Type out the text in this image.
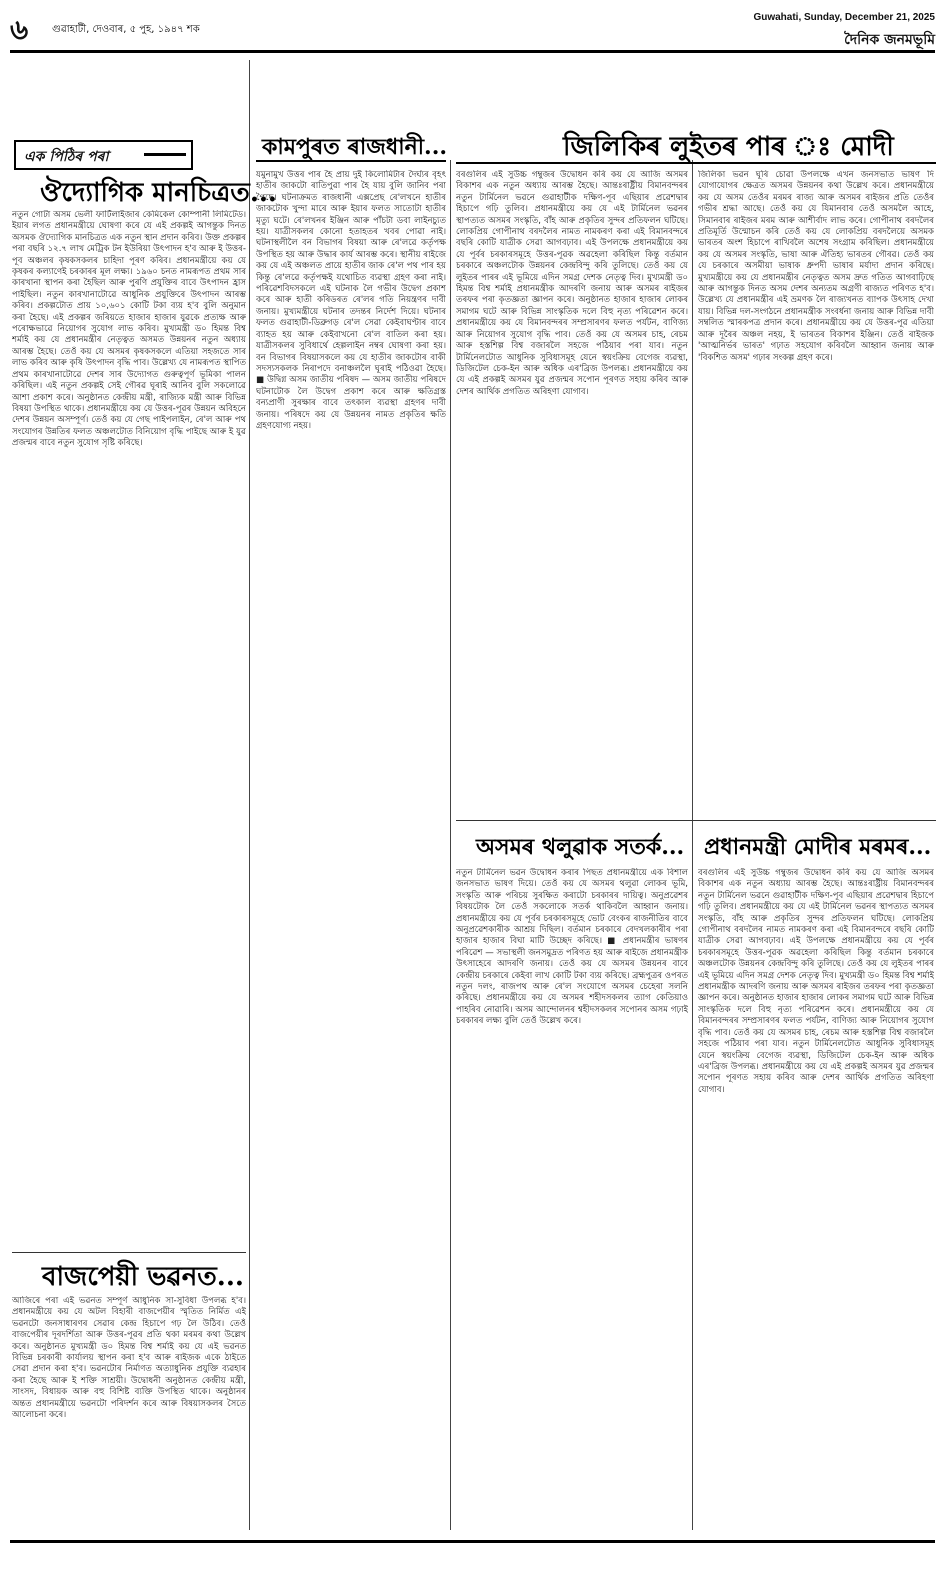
৬	গুৱাহাটী, দেওবাৰ, ৫ পুহ, ১৯৪৭ শক
Guwahati, Sunday, December 21, 2025
দৈনিক জনমভূমি
এক পিঠিৰ পৰা
ঔদ্যোগিক মানচিত্ৰত...
নতুন গোটা অসম ভেলী ফাৰ্টিলাইজাৰ কেমিকেল কোম্পানী লিমিটেড। ইয়াৰ লগত প্ৰধানমন্ত্ৰীয়ে ঘোষণা কৰে যে এই প্ৰকল্পই আগন্তুক দিনত অসমক ঔদ্যোগিক মানচিত্ৰত এক নতুন স্থান প্ৰদান কৰিব। উক্ত প্ৰকল্পৰ পৰা বছৰি ১২.৭ লাখ মেট্ৰিক টন ইউৰিয়া উৎপাদন হ'ব আৰু ই উত্তৰ-পূব অঞ্চলৰ কৃষকসকলৰ চাহিদা পূৰণ কৰিব। প্ৰধানমন্ত্ৰীয়ে কয় যে কৃষকৰ কল্যাণেই চৰকাৰৰ মূল লক্ষ্য। ১৯৬০ চনত নামৰূপত প্ৰথম সাৰ কাৰখানা স্থাপন কৰা হৈছিল আৰু পুৰণি প্ৰযুক্তিৰ বাবে উৎপাদন হ্ৰাস পাইছিল। নতুন কাৰখানাটোৱে আধুনিক প্ৰযুক্তিৰে উৎপাদন আৰম্ভ কৰিব। প্ৰকল্পটোত প্ৰায় ১০,৬০১ কোটি টকা ব্যয় হ'ব বুলি অনুমান কৰা হৈছে। এই প্ৰকল্পৰ জৰিয়তে হাজাৰ হাজাৰ যুৱকে প্ৰত্যক্ষ আৰু পৰোক্ষভাৱে নিয়োগৰ সুযোগ লাভ কৰিব। মুখ্যমন্ত্ৰী ড০ হিমন্ত বিশ্ব শৰ্মাই কয় যে প্ৰধানমন্ত্ৰীৰ নেতৃত্বত অসমত উন্নয়নৰ নতুন অধ্যায় আৰম্ভ হৈছে। তেওঁ কয় যে অসমৰ কৃষকসকলে এতিয়া সহজতে সাৰ লাভ কৰিব আৰু কৃষি উৎপাদন বৃদ্ধি পাব। উল্লেখ্য যে নামৰূপত স্থাপিত প্ৰথম কাৰখানাটোৱে দেশৰ সাৰ উদ্যোগত গুৰুত্বপূৰ্ণ ভূমিকা পালন কৰিছিল। এই নতুন প্ৰকল্পই সেই গৌৰৱ ঘূৰাই আনিব বুলি সকলোৱে আশা প্ৰকাশ কৰে। অনুষ্ঠানত কেন্দ্ৰীয় মন্ত্ৰী, ৰাজ্যিক মন্ত্ৰী আৰু বিভিন্ন বিষয়া উপস্থিত থাকে। প্ৰধানমন্ত্ৰীয়ে কয় যে উত্তৰ-পূৱৰ উন্নয়ন অবিহনে দেশৰ উন্নয়ন অসম্পূৰ্ণ। তেওঁ কয় যে গেছ পাইপলাইন, ৰে'ল আৰু পথ সংযোগৰ উন্নতিৰ ফলত অঞ্চলটোত বিনিয়োগ বৃদ্ধি পাইছে আৰু ই যুৱ প্ৰজন্মৰ বাবে নতুন সুযোগ সৃষ্টি কৰিছে।
বাজপেয়ী ভৱনত...
আজিৰে পৰা এই ভৱনত সম্পূৰ্ণ আধুনিক সা-সুবিধা উপলব্ধ হ'ব। প্ৰধানমন্ত্ৰীয়ে কয় যে অটল বিহাৰী বাজপেয়ীৰ স্মৃতিত নিৰ্মিত এই ভৱনটো জনসাধাৰণৰ সেৱাৰ কেন্দ্ৰ হিচাপে গঢ় লৈ উঠিব। তেওঁ বাজপেয়ীৰ দূৰদৰ্শিতা আৰু উত্তৰ-পূৱৰ প্ৰতি থকা মৰমৰ কথা উল্লেখ কৰে। অনুষ্ঠানত মুখ্যমন্ত্ৰী ড০ হিমন্ত বিশ্ব শৰ্মাই কয় যে এই ভৱনত বিভিন্ন চৰকাৰী কাৰ্যালয় স্থাপন কৰা হ'ব আৰু ৰাইজক একে ঠাইতে সেৱা প্ৰদান কৰা হ'ব। ভৱনটোৰ নিৰ্মাণত অত্যাধুনিক প্ৰযুক্তি ব্যৱহাৰ কৰা হৈছে আৰু ই শক্তি সাশ্ৰয়ী। উদ্বোধনী অনুষ্ঠানত কেন্দ্ৰীয় মন্ত্ৰী, সাংসদ, বিধায়ক আৰু বহু বিশিষ্ট ব্যক্তি উপস্থিত থাকে। অনুষ্ঠানৰ অন্তত প্ৰধানমন্ত্ৰীয়ে ভৱনটো পৰিদৰ্শন কৰে আৰু বিষয়াসকলৰ সৈতে আলোচনা কৰে।
কামপুৰত ৰাজধানী...
যমুনামুখ উত্তৰ পাৰ হৈ প্ৰায় দুই কিলোমিটাৰ দৈৰ্ঘ্যৰ বৃহৎ হাতীৰ জাকটো ৰাতিপুৱা পাৰ হৈ যায় বুলি জানিব পৰা গৈছে। ঘটনাক্ৰমত ৰাজধানী এক্সপ্ৰেছ ৰে'লখনে হাতীৰ জাকটোক খুন্দা মাৰে আৰু ইয়াৰ ফলত সাতোটা হাতীৰ মৃত্যু ঘটে। ৰে'লখনৰ ইঞ্জিন আৰু পাঁচটা ডবা লাইনচ্যুত হয়। যাত্ৰীসকলৰ কোনো হতাহতৰ খবৰ পোৱা নাই। ঘটনাস্থলীলৈ বন বিভাগৰ বিষয়া আৰু ৰে'লৱে কৰ্তৃপক্ষ উপস্থিত হয় আৰু উদ্ধাৰ কাৰ্য আৰম্ভ কৰে। স্থানীয় ৰাইজে কয় যে এই অঞ্চলত প্ৰায়ে হাতীৰ জাক ৰে'ল পথ পাৰ হয় কিন্তু ৰে'লৱে কৰ্তৃপক্ষই যথোচিত ব্যৱস্থা গ্ৰহণ কৰা নাই। পৰিৱেশবিদসকলে এই ঘটনাক লৈ গভীৰ উদ্বেগ প্ৰকাশ কৰে আৰু হাতী কৰিডৰত ৰে'লৰ গতি নিয়ন্ত্ৰণৰ দাবী জনায়। মুখ্যমন্ত্ৰীয়ে ঘটনাৰ তদন্তৰ নিৰ্দেশ দিয়ে। ঘটনাৰ ফলত গুৱাহাটী-ডিব্ৰুগড় ৰে'ল সেৱা কেইবাঘণ্টাৰ বাবে ব্যাহত হয় আৰু কেইবাখনো ৰে'ল বাতিল কৰা হয়। যাত্ৰীসকলৰ সুবিধাৰ্থে হেল্পলাইন নম্বৰ ঘোষণা কৰা হয়। বন বিভাগৰ বিষয়াসকলে কয় যে হাতীৰ জাকটোৰ বাকী সদস্যসকলক নিৰাপদে বনাঞ্চললৈ ঘূৰাই পঠিওৱা হৈছে। ■ উদ্বিগ্ন অসম জাতীয় পৰিষদ — অসম জাতীয় পৰিষদে ঘটনাটোক লৈ উদ্বেগ প্ৰকাশ কৰে আৰু ক্ষতিগ্ৰস্ত বন্যপ্ৰাণী সুৰক্ষাৰ বাবে তৎকাল ব্যৱস্থা গ্ৰহণৰ দাবী জনায়। পৰিষদে কয় যে উন্নয়নৰ নামত প্ৰকৃতিৰ ক্ষতি গ্ৰহণযোগ্য নহয়।
জিলিকিৰ লুইতৰ পাৰ ঃ মোদী
বৰগুলিৰ এই সুউচ্চ গম্বুজৰ উদ্বোধন কৰি কয় যে আজি অসমৰ বিকাশৰ এক নতুন অধ্যায় আৰম্ভ হৈছে। আন্তঃৰাষ্ট্ৰীয় বিমানবন্দৰৰ নতুন টাৰ্মিনেল ভৱনে গুৱাহাটীক দক্ষিণ-পূব এছিয়াৰ প্ৰৱেশদ্বাৰ হিচাপে গঢ়ি তুলিব। প্ৰধানমন্ত্ৰীয়ে কয় যে এই টাৰ্মিনেল ভৱনৰ স্থাপত্যত অসমৰ সংস্কৃতি, বাঁহ আৰু প্ৰকৃতিৰ সুন্দৰ প্ৰতিফলন ঘটিছে। লোকপ্ৰিয় গোপীনাথ বৰদলৈৰ নামত নামকৰণ কৰা এই বিমানবন্দৰে বছৰি কোটি যাত্ৰীক সেৱা আগবঢ়াব। এই উপলক্ষে প্ৰধানমন্ত্ৰীয়ে কয় যে পূৰ্বৰ চৰকাৰসমূহে উত্তৰ-পূৱক অৱহেলা কৰিছিল কিন্তু বৰ্তমান চৰকাৰে অঞ্চলটোক উন্নয়নৰ কেন্দ্ৰবিন্দু কৰি তুলিছে। তেওঁ কয় যে লুইতৰ পাৰৰ এই ভূমিয়ে এদিন সমগ্ৰ দেশক নেতৃত্ব দিব। মুখ্যমন্ত্ৰী ড০ হিমন্ত বিশ্ব শৰ্মাই প্ৰধানমন্ত্ৰীক আদৰণি জনায় আৰু অসমৰ ৰাইজৰ তৰফৰ পৰা কৃতজ্ঞতা জ্ঞাপন কৰে। অনুষ্ঠানত হাজাৰ হাজাৰ লোকৰ সমাগম ঘটে আৰু বিভিন্ন সাংস্কৃতিক দলে বিহু নৃত্য পৰিৱেশন কৰে। প্ৰধানমন্ত্ৰীয়ে কয় যে বিমানবন্দৰৰ সম্প্ৰসাৰণৰ ফলত পৰ্যটন, বাণিজ্য আৰু নিয়োগৰ সুযোগ বৃদ্ধি পাব। তেওঁ কয় যে অসমৰ চাহ, ৰেচম আৰু হস্তশিল্প বিশ্ব বজাৰলৈ সহজে পঠিয়াব পৰা যাব। নতুন টাৰ্মিনেলটোত আধুনিক সুবিধাসমূহ যেনে স্বয়ংক্ৰিয় বেগেজ ব্যৱস্থা, ডিজিটেল চেক-ইন আৰু অধিক এৰ'ব্ৰিজ উপলব্ধ। প্ৰধানমন্ত্ৰীয়ে কয় যে এই প্ৰকল্পই অসমৰ যুৱ প্ৰজন্মৰ সপোন পূৰণত সহায় কৰিব আৰু দেশৰ আৰ্থিক প্ৰগতিত অৰিহণা যোগাব।
জিলিকা ভৱন ঘূৰি চোৱা উপলক্ষে এখন জনসভাত ভাষণ দি যোগাযোগৰ ক্ষেত্ৰত অসমৰ উন্নয়নৰ কথা উল্লেখ কৰে। প্ৰধানমন্ত্ৰীয়ে কয় যে অসম তেওঁৰ মৰমৰ ৰাজ্য আৰু অসমৰ ৰাইজৰ প্ৰতি তেওঁৰ গভীৰ শ্ৰদ্ধা আছে। তেওঁ কয় যে যিমানবাৰ তেওঁ অসমলৈ আহে, সিমানবাৰ ৰাইজৰ মৰম আৰু আশীৰ্বাদ লাভ কৰে। গোপীনাথ বৰদলৈৰ প্ৰতিমূৰ্তি উন্মোচন কৰি তেওঁ কয় যে লোকপ্ৰিয় বৰদলৈয়ে অসমক ভাৰতৰ অংশ হিচাপে ৰাখিবলৈ অশেষ সংগ্ৰাম কৰিছিল। প্ৰধানমন্ত্ৰীয়ে কয় যে অসমৰ সংস্কৃতি, ভাষা আৰু ঐতিহ্য ভাৰতৰ গৌৰৱ। তেওঁ কয় যে চৰকাৰে অসমীয়া ভাষাক ধ্ৰুপদী ভাষাৰ মৰ্যাদা প্ৰদান কৰিছে। মুখ্যমন্ত্ৰীয়ে কয় যে প্ৰধানমন্ত্ৰীৰ নেতৃত্বত অসম দ্ৰুত গতিত আগবাঢ়িছে আৰু আগন্তুক দিনত অসম দেশৰ অন্যতম অগ্ৰণী ৰাজ্যত পৰিণত হ'ব। উল্লেখ্য যে প্ৰধানমন্ত্ৰীৰ এই ভ্ৰমণক লৈ ৰাজ্যখনত ব্যাপক উৎসাহ দেখা যায়। বিভিন্ন দল-সংগঠনে প্ৰধানমন্ত্ৰীক সংবৰ্ধনা জনায় আৰু বিভিন্ন দাবী সম্বলিত স্মাৰকপত্ৰ প্ৰদান কৰে। প্ৰধানমন্ত্ৰীয়ে কয় যে উত্তৰ-পূৱ এতিয়া আৰু দূৰৈৰ অঞ্চল নহয়, ই ভাৰতৰ বিকাশৰ ইঞ্জিন। তেওঁ ৰাইজক 'আত্মনিৰ্ভৰ ভাৰত' গঢ়াত সহযোগ কৰিবলৈ আহ্বান জনায় আৰু 'বিকশিত অসম' গঢ়াৰ সংকল্প গ্ৰহণ কৰে।
অসমৰ থলুৱাক সতৰ্ক...
নতুন টাৰ্মিনেল ভৱন উদ্বোধন কৰাৰ পিছত প্ৰধানমন্ত্ৰীয়ে এক বিশাল জনসভাত ভাষণ দিয়ে। তেওঁ কয় যে অসমৰ থলুৱা লোকৰ ভূমি, সংস্কৃতি আৰু পৰিচয় সুৰক্ষিত কৰাটো চৰকাৰৰ দায়িত্ব। অনুপ্ৰৱেশৰ বিষয়টোক লৈ তেওঁ সকলোকে সতৰ্ক থাকিবলৈ আহ্বান জনায়। প্ৰধানমন্ত্ৰীয়ে কয় যে পূৰ্বৰ চৰকাৰসমূহে ভোট বেংকৰ ৰাজনীতিৰ বাবে অনুপ্ৰৱেশকাৰীক আশ্ৰয় দিছিল। বৰ্তমান চৰকাৰে বেদখলকাৰীৰ পৰা হাজাৰ হাজাৰ বিঘা মাটি উচ্ছেদ কৰিছে। ■ প্ৰধানমন্ত্ৰীৰ ভাষণৰ পৰিৱেশ — সভাস্থলী জনসমুদ্ৰত পৰিণত হয় আৰু ৰাইজে প্ৰধানমন্ত্ৰীক উৎসাহেৰে আদৰণি জনায়। তেওঁ কয় যে অসমৰ উন্নয়নৰ বাবে কেন্দ্ৰীয় চৰকাৰে কেইবা লাখ কোটি টকা ব্যয় কৰিছে। ব্ৰহ্মপুত্ৰৰ ওপৰত নতুন দলং, ৰাজপথ আৰু ৰে'ল সংযোগে অসমৰ চেহেৰা সলনি কৰিছে। প্ৰধানমন্ত্ৰীয়ে কয় যে অসমৰ শহীদসকলৰ ত্যাগ কেতিয়াও পাহৰিব নোৱাৰি। অসম আন্দোলনৰ শ্বহীদসকলৰ সপোনৰ অসম গঢ়াই চৰকাৰৰ লক্ষ্য বুলি তেওঁ উল্লেখ কৰে।
প্ৰধানমন্ত্ৰী মোদীৰ মৰমৰ...
বৰগুলিৰ এই সুউচ্চ গম্বুজৰ উদ্বোধন কৰি কয় যে আজি অসমৰ বিকাশৰ এক নতুন অধ্যায় আৰম্ভ হৈছে। আন্তঃৰাষ্ট্ৰীয় বিমানবন্দৰৰ নতুন টাৰ্মিনেল ভৱনে গুৱাহাটীক দক্ষিণ-পূব এছিয়াৰ প্ৰৱেশদ্বাৰ হিচাপে গঢ়ি তুলিব। প্ৰধানমন্ত্ৰীয়ে কয় যে এই টাৰ্মিনেল ভৱনৰ স্থাপত্যত অসমৰ সংস্কৃতি, বাঁহ আৰু প্ৰকৃতিৰ সুন্দৰ প্ৰতিফলন ঘটিছে। লোকপ্ৰিয় গোপীনাথ বৰদলৈৰ নামত নামকৰণ কৰা এই বিমানবন্দৰে বছৰি কোটি যাত্ৰীক সেৱা আগবঢ়াব। এই উপলক্ষে প্ৰধানমন্ত্ৰীয়ে কয় যে পূৰ্বৰ চৰকাৰসমূহে উত্তৰ-পূৱক অৱহেলা কৰিছিল কিন্তু বৰ্তমান চৰকাৰে অঞ্চলটোক উন্নয়নৰ কেন্দ্ৰবিন্দু কৰি তুলিছে। তেওঁ কয় যে লুইতৰ পাৰৰ এই ভূমিয়ে এদিন সমগ্ৰ দেশক নেতৃত্ব দিব। মুখ্যমন্ত্ৰী ড০ হিমন্ত বিশ্ব শৰ্মাই প্ৰধানমন্ত্ৰীক আদৰণি জনায় আৰু অসমৰ ৰাইজৰ তৰফৰ পৰা কৃতজ্ঞতা জ্ঞাপন কৰে। অনুষ্ঠানত হাজাৰ হাজাৰ লোকৰ সমাগম ঘটে আৰু বিভিন্ন সাংস্কৃতিক দলে বিহু নৃত্য পৰিৱেশন কৰে। প্ৰধানমন্ত্ৰীয়ে কয় যে বিমানবন্দৰৰ সম্প্ৰসাৰণৰ ফলত পৰ্যটন, বাণিজ্য আৰু নিয়োগৰ সুযোগ বৃদ্ধি পাব। তেওঁ কয় যে অসমৰ চাহ, ৰেচম আৰু হস্তশিল্প বিশ্ব বজাৰলৈ সহজে পঠিয়াব পৰা যাব। নতুন টাৰ্মিনেলটোত আধুনিক সুবিধাসমূহ যেনে স্বয়ংক্ৰিয় বেগেজ ব্যৱস্থা, ডিজিটেল চেক-ইন আৰু অধিক এৰ'ব্ৰিজ উপলব্ধ। প্ৰধানমন্ত্ৰীয়ে কয় যে এই প্ৰকল্পই অসমৰ যুৱ প্ৰজন্মৰ সপোন পূৰণত সহায় কৰিব আৰু দেশৰ আৰ্থিক প্ৰগতিত অৰিহণা যোগাব।
